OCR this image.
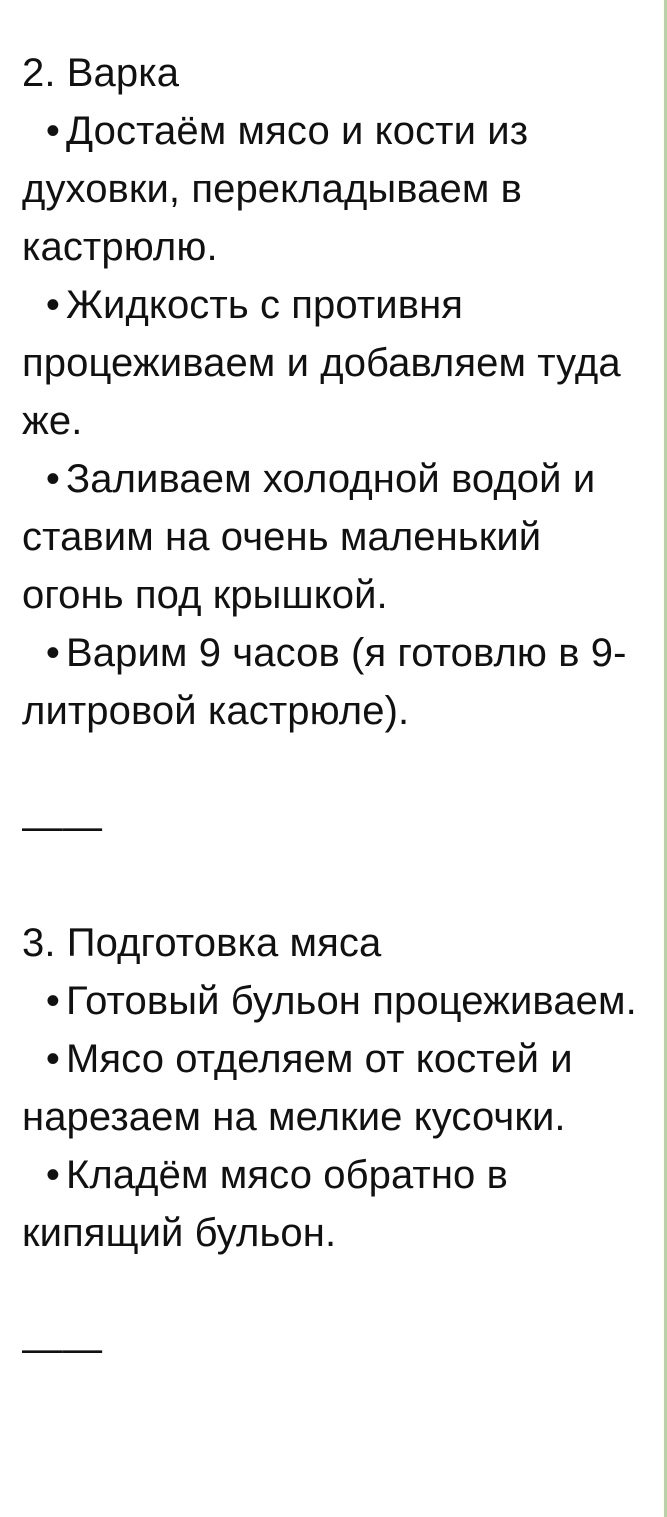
2. Варка

• Достаём мясо и кости из духовки, перекладываем в кастрюлю.

• Жидкость с противня процеживаем и добавляем туда же.

• Заливаем холодной водой и ставим на очень маленький огонь под крышкой.

• Варим 9 часов (я готовлю в 9-литровой кастрюле).

——

3. Подготовка мяса

• Готовый бульон процеживаем.

• Мясо отделяем от костей и нарезаем на мелкие кусочки.

• Кладём мясо обратно в кипящий бульон.

——
